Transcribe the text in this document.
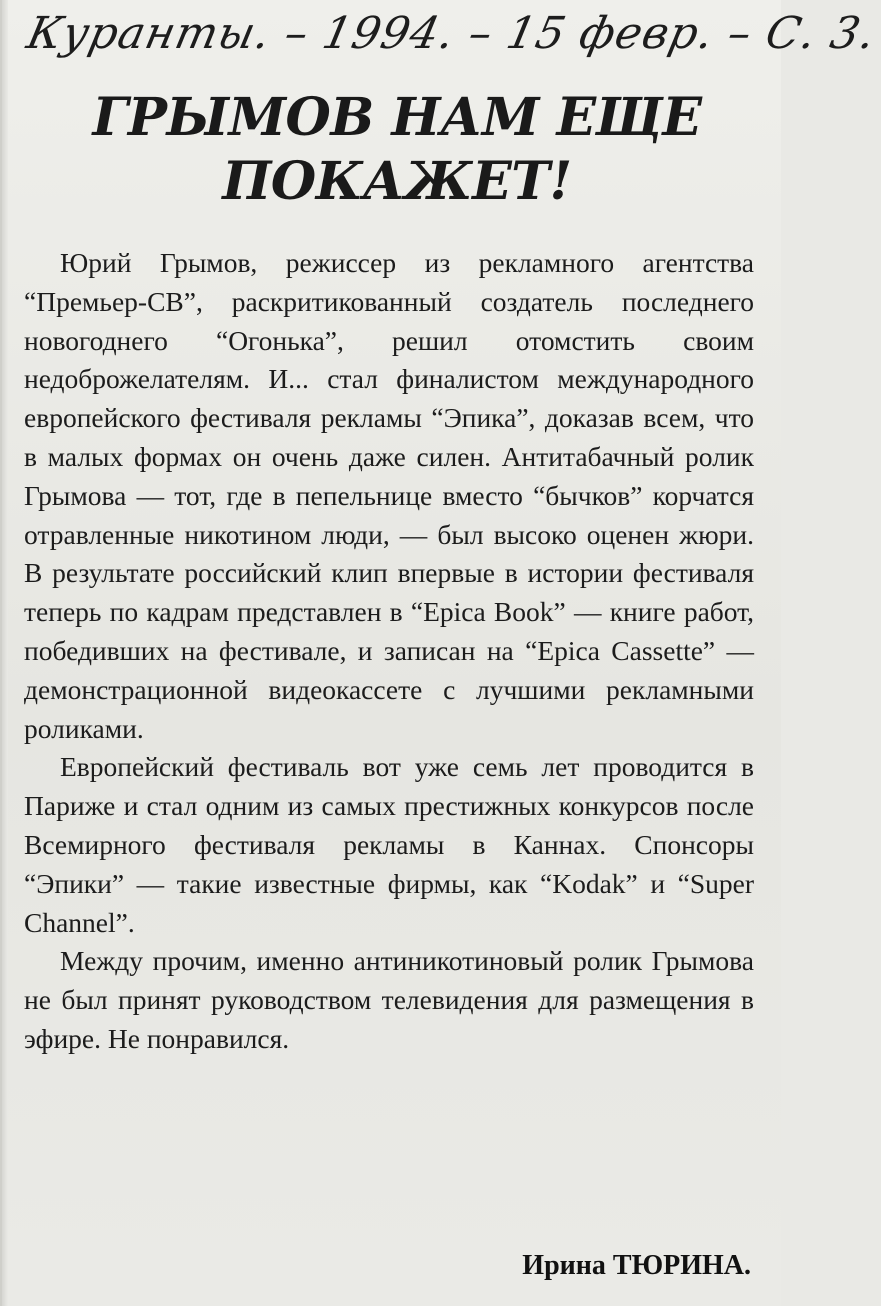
Куранты. – 1994. – 15 февр. – С. 3.
ГРЫМОВ НАМ ЕЩЕ
ПОКАЖЕТ!

Юрий Грымов, режиссер из рекламного агентства “Премьер-СВ”, раскритикованный создатель последнего новогоднего “Огонька”, решил отомстить своим недоброжелателям. И... стал финалистом международного европейского фестиваля рекламы “Эпика”, доказав всем, что в малых формах он очень даже силен. Антитабачный ролик Грымова — тот, где в пепельнице вместо “бычков” корчатся отравленные никотином люди, — был высоко оценен жюри. В результате российский клип впервые в истории фестиваля теперь по кадрам представлен в “Epica Book” — книге работ, победивших на фестивале, и записан на “Epica Cassette” — демонстрационной видеокассете с лучшими рекламными роликами.

Европейский фестиваль вот уже семь лет проводится в Париже и стал одним из самых престижных конкурсов после Всемирного фестиваля рекламы в Каннах. Спонсоры “Эпики” — такие известные фирмы, как “Kodak” и “Super Channel”.

Между прочим, именно антиникотиновый ролик Грымова не был принят руководством телевидения для размещения в эфире. Не понравился.

Ирина ТЮРИНА.
